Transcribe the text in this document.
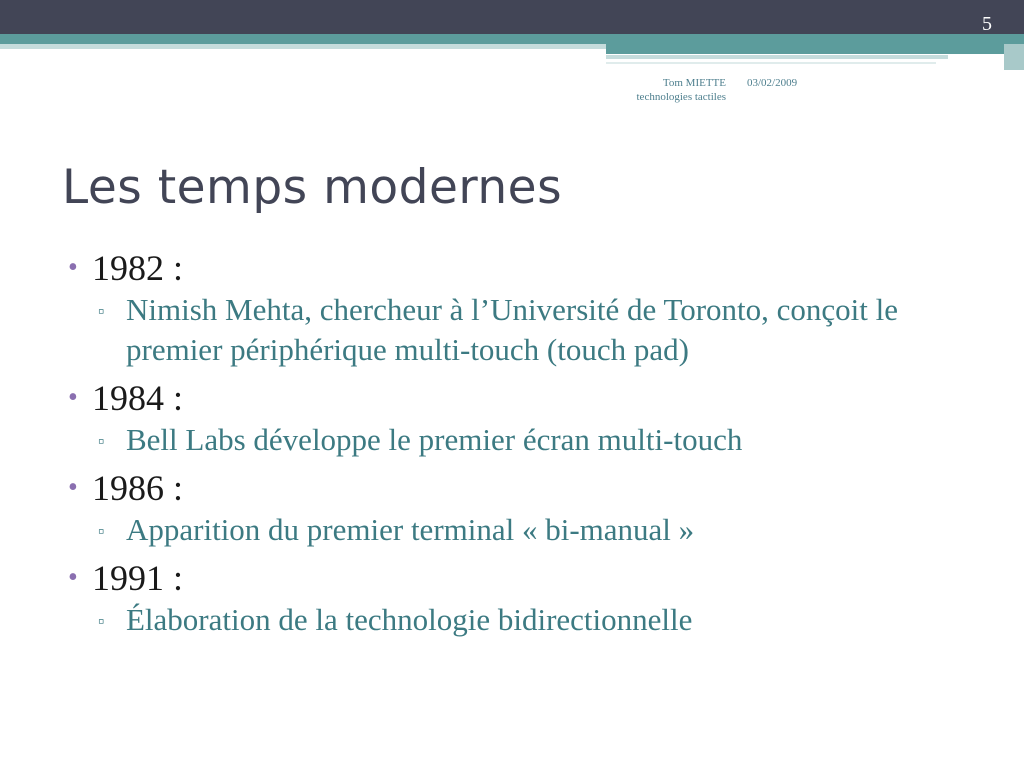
5
Tom MIETTE
technologies tactiles
03/02/2009
Les temps modernes
• 1982 :
▫ Nimish Mehta, chercheur à l’Université de Toronto, conçoit le premier périphérique multi-touch (touch pad)
• 1984 :
▫ Bell Labs développe le premier écran multi-touch
• 1986 :
▫ Apparition du premier terminal « bi-manual »
• 1991 :
▫ Élaboration de la technologie bidirectionnelle
